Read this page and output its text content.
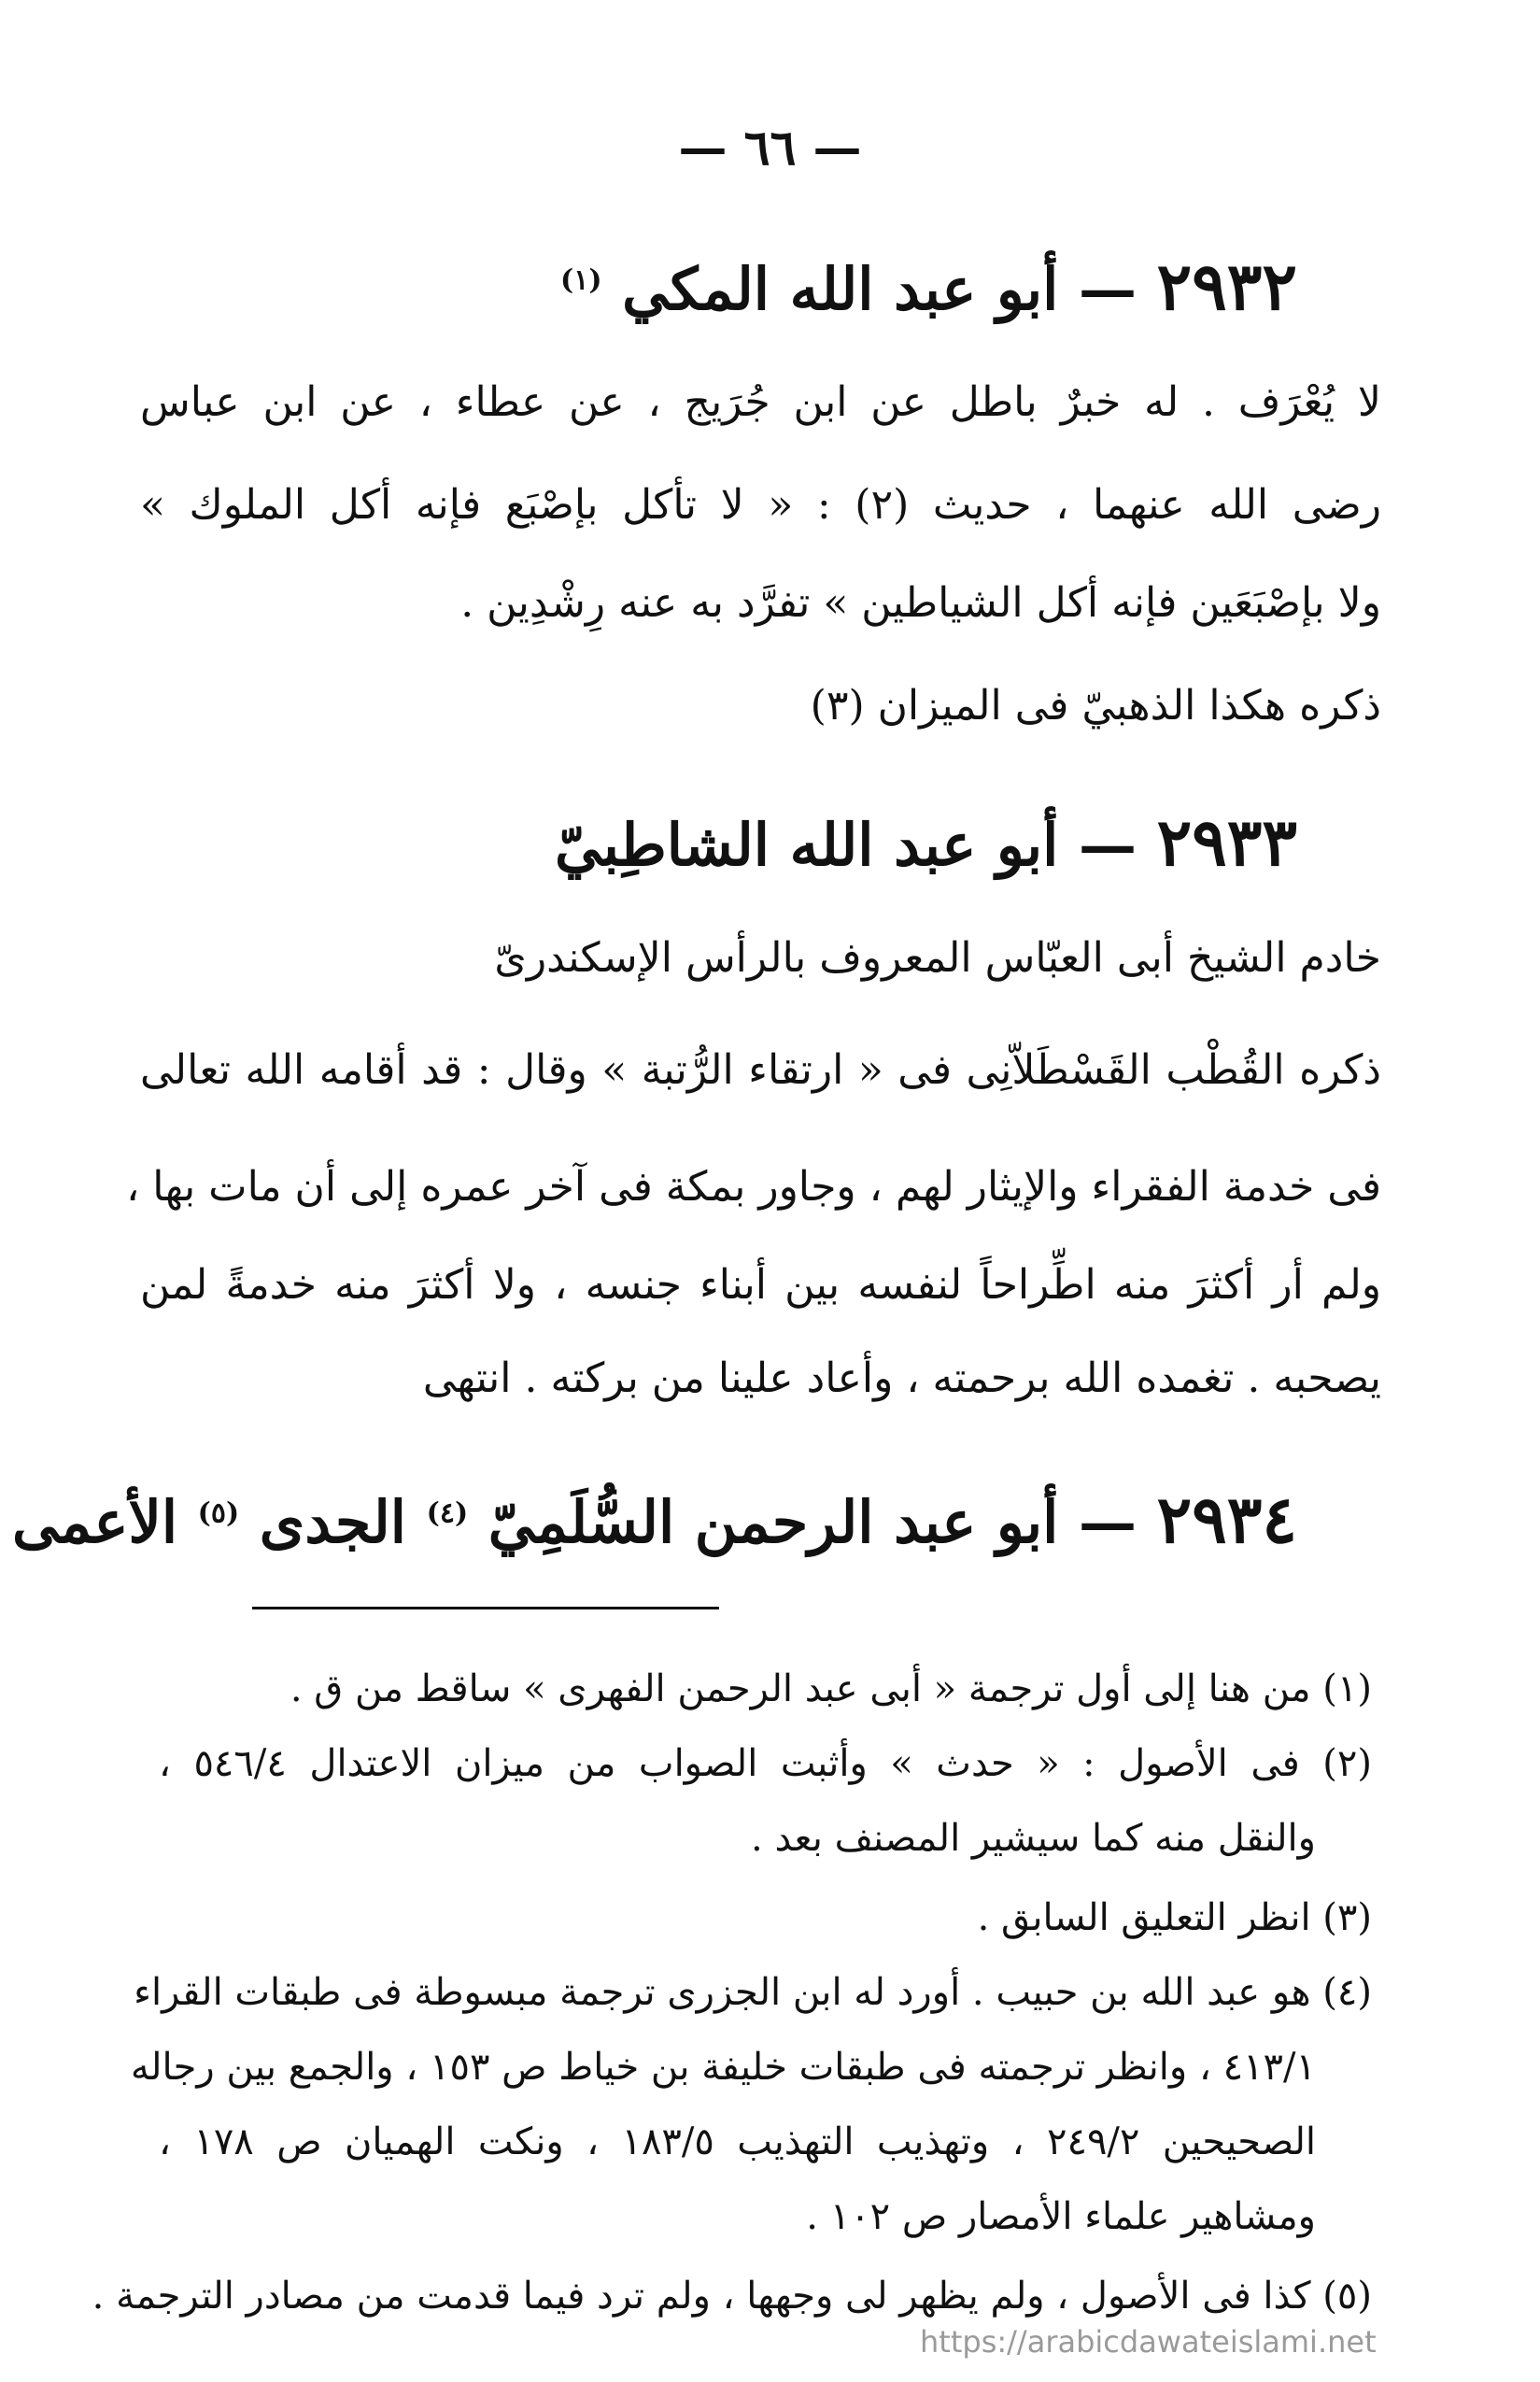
— ٦٦ —
٢٩٣٢ — أبو عبد الله المكي $^{(١)}$
لا يُعْرَف . له خبرٌ باطل عن ابن جُرَيج ، عن عطاء ، عن ابن عباس
رضى الله عنهما ، حديث (٢) : « لا تأكل بإصْبَع فإنه أكل الملوك »
ولا بإصْبَعَين فإنه أكل الشياطين » تفرَّد به عنه رِشْدِين .
ذكره هكذا الذهبيّ فى الميزان (٣)
٢٩٣٣ — أبو عبد الله الشاطِبيّ
خادم الشيخ أبى العبّاس المعروف بالرأس الإسكندرىّ
ذكره القُطْب القَسْطَلاّنِى فى « ارتقاء الرُّتبة » وقال : قد أقامه الله تعالى
فى خدمة الفقراء والإيثار لهم ، وجاور بمكة فى آخر عمره إلى أن مات بها ،
ولم أر أكثرَ منه اطِّراحاً لنفسه بين أبناء جنسه ، ولا أكثرَ منه خدمةً لمن
يصحبه . تغمده الله برحمته ، وأعاد علينا من بركته . انتهى
٢٩٣٤ — أبو عبد الرحمن السُّلَمِيّ $^{(٤)}$ الجدى $^{(٥)}$ الأعمى
(١) من هنا إلى أول ترجمة « أبى عبد الرحمن الفهرى » ساقط من ق .
(٢) فى الأصول : « حدث » وأثبت الصواب من ميزان الاعتدال ٥٤٦/٤ ،
والنقل منه كما سيشير المصنف بعد .
(٣) انظر التعليق السابق .
(٤) هو عبد الله بن حبيب . أورد له ابن الجزرى ترجمة مبسوطة فى طبقات القراء
٤١٣/١ ، وانظر ترجمته فى طبقات خليفة بن خياط ص ١٥٣ ، والجمع بين رجاله
الصحيحين ٢٤٩/٢ ، وتهذيب التهذيب ١٨٣/٥ ، ونكت الهميان ص ١٧٨ ،
ومشاهير علماء الأمصار ص ١٠٢ .
(٥) كذا فى الأصول ، ولم يظهر لى وجهها ، ولم ترد فيما قدمت من مصادر الترجمة .
https://arabicdawateislami.net
